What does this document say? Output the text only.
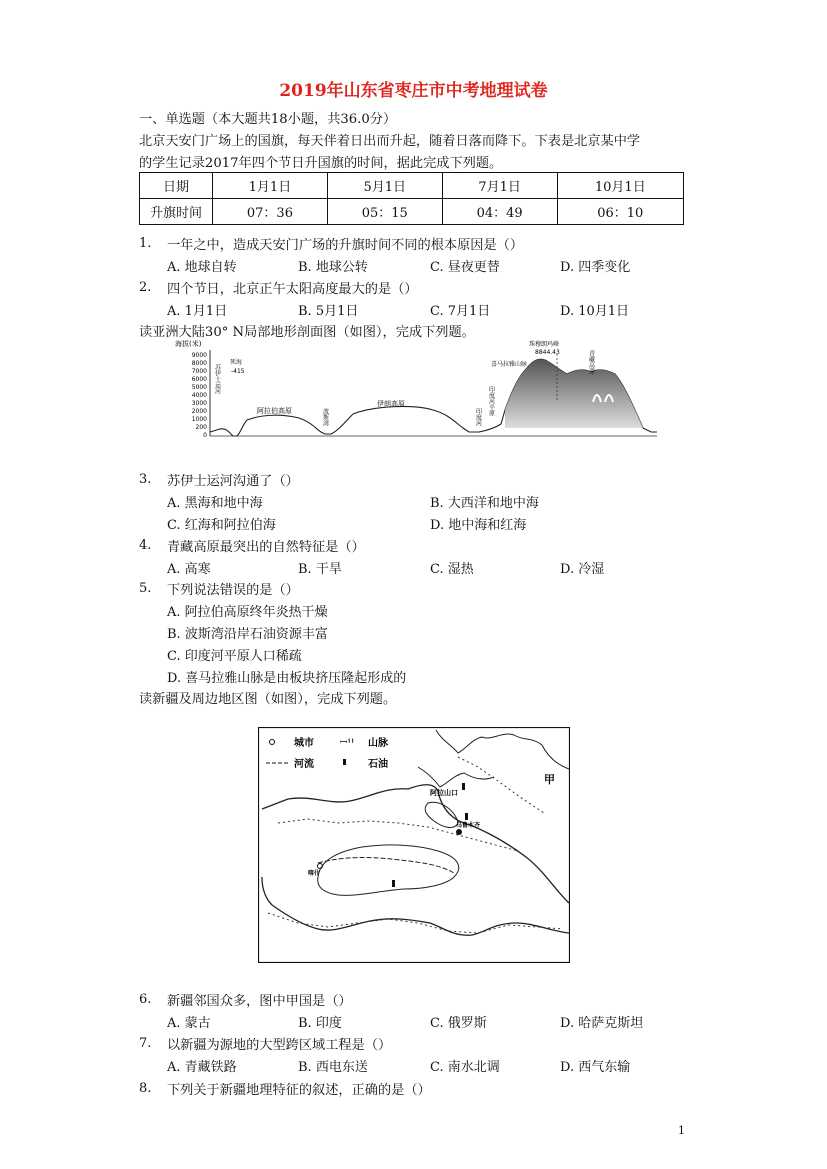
2019年山东省枣庄市中考地理试卷
一、单选题（本大题共18小题，共36.0分）
北京天安门广场上的国旗，每天伴着日出而升起，随着日落而降下。下表是北京某中学
的学生记录2017年四个节日升国旗的时间，据此完成下列题。
日期	1月1日	5月1日	7月1日	10月1日
升旗时间	07：36	05：15	04：49	06：10
1. 一年之中，造成天安门广场的升旗时间不同的根本原因是（）
A. 地球自转	B. 地球公转	C. 昼夜更替	D. 四季变化
2. 四个节日，北京正午太阳高度最大的是（）
A. 1月1日	B. 5月1日	C. 7月1日	D. 10月1日
读亚洲大陆30° N局部地形剖面图（如图），完成下列题。
海拔(米)
9000
8000
7000
6000
5000
4000
3000
2000
1000
200
0
苏伊士运河
死海
-415
阿拉伯高原	波斯湾
伊朗高原	印度河平原
印度河
喜马拉雅山脉
珠穆朗玛峰
8844.43	青藏高原
3. 苏伊士运河沟通了（）
A. 黑海和地中海	B. 大西洋和地中海
C. 红海和阿拉伯海	D. 地中海和红海
4. 青藏高原最突出的自然特征是（）
A. 高寒	B. 干旱	C. 湿热	D. 冷湿
5. 下列说法错误的是（）
A. 阿拉伯高原终年炎热干燥
B. 波斯湾沿岸石油资源丰富
C. 印度河平原人口稀疏
D. 喜马拉雅山脉是由板块挤压隆起形成的
读新疆及周边地区图（如图），完成下列题。
城市	ꟷꞋꞋ 山脉
河流	石油
甲
阿拉山口
乌鲁木齐
喀什
6. 新疆邻国众多，图中甲国是（）
A. 蒙古	B. 印度	C. 俄罗斯	D. 哈萨克斯坦
7. 以新疆为源地的大型跨区域工程是（）
A. 青藏铁路	B. 西电东送	C. 南水北调	D. 西气东输
8. 下列关于新疆地理特征的叙述，正确的是（）
1
